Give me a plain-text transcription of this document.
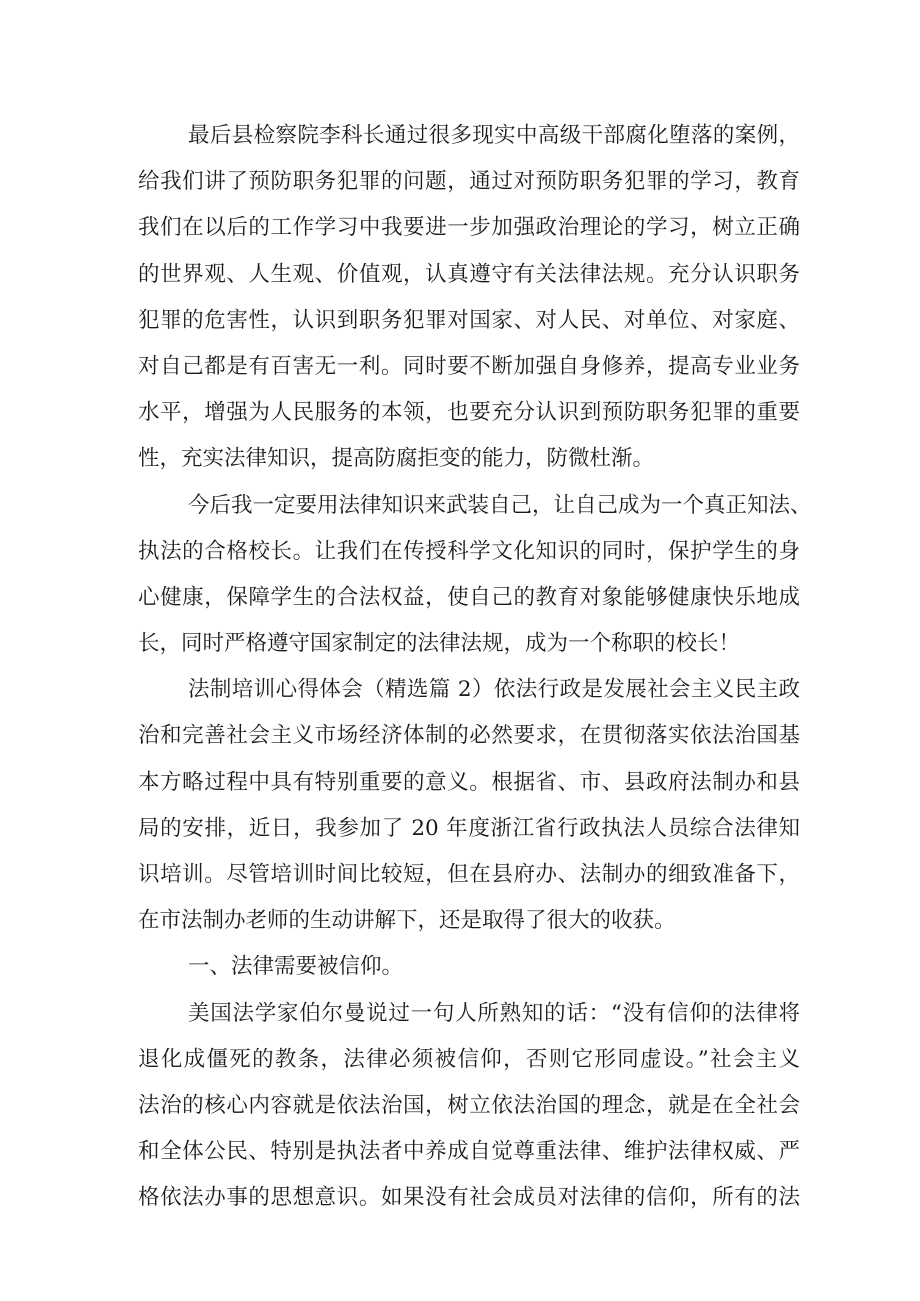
最后县检察院李科长通过很多现实中高级干部腐化堕落的案例，
给我们讲了预防职务犯罪的问题，通过对预防职务犯罪的学习，教育
我们在以后的工作学习中我要进一步加强政治理论的学习，树立正确
的世界观、人生观、价值观，认真遵守有关法律法规。充分认识职务
犯罪的危害性，认识到职务犯罪对国家、对人民、对单位、对家庭、
对自己都是有百害无一利。同时要不断加强自身修养，提高专业业务
水平，增强为人民服务的本领，也要充分认识到预防职务犯罪的重要
性，充实法律知识，提高防腐拒变的能力，防微杜渐。
今后我一定要用法律知识来武装自己，让自己成为一个真正知法、
执法的合格校长。让我们在传授科学文化知识的同时，保护学生的身
心健康，保障学生的合法权益，使自己的教育对象能够健康快乐地成
长，同时严格遵守国家制定的法律法规，成为一个称职的校长！
法制培训心得体会（精选篇 2）依法行政是发展社会主义民主政
治和完善社会主义市场经济体制的必然要求，在贯彻落实依法治国基
本方略过程中具有特别重要的意义。根据省、市、县政府法制办和县
局的安排，近日，我参加了 20 年度浙江省行政执法人员综合法律知
识培训。尽管培训时间比较短，但在县府办、法制办的细致准备下，
在市法制办老师的生动讲解下，还是取得了很大的收获。
一、法律需要被信仰。
美国法学家伯尔曼说过一句人所熟知的话：“没有信仰的法律将
退化成僵死的教条，法律必须被信仰，否则它形同虚设。”社会主义
法治的核心内容就是依法治国，树立依法治国的理念，就是在全社会
和全体公民、特别是执法者中养成自觉尊重法律、维护法律权威、严
格依法办事的思想意识。如果没有社会成员对法律的信仰，所有的法
